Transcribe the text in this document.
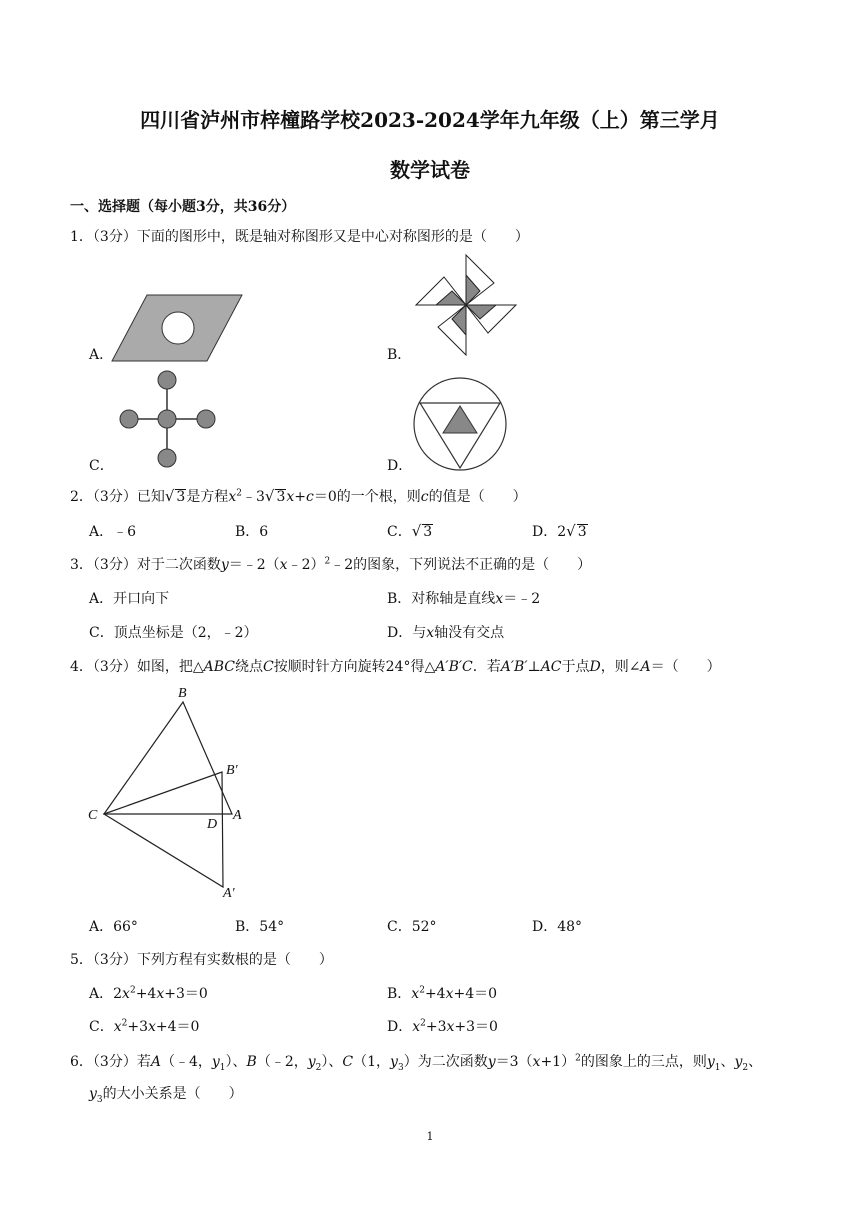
四川省泸州市梓橦路学校2023-2024学年九年级（上）第三学月
数学试卷
一、选择题（每小题3分，共36分）
1．（3分）下面的图形中，既是轴对称图形又是中心对称图形的是（　　）
A．	B．
C．	D．
2．（3分）已知√ 3是方程$x^2﹣3√$ 3x+c＝0的一个根，则c的值是（　　）
A．﹣6	B．6	C．√ 3	D．2√ 3
3．（3分）对于二次函数y＝﹣2（x﹣2）$^2$﹣2的图象，下列说法不正确的是（　　）
A．开口向下	B．对称轴是直线x＝﹣2
C．顶点坐标是（2，﹣2）	D．与x轴没有交点
4．（3分）如图，把△ABC绕点C按顺时针方向旋转24°得△A′B′C．若A′B′⊥AC于点D，则∠A＝（　　）
B
B′
C
D
A
A′
A．66°	B．54°	C．52°	D．48°
5．（3分）下列方程有实数根的是（　　）
A．$2x^2+4x+3=0$	B．$x^2+4x+4=0$
C．$x^2+3x+4=0$	D．$x^2+3x+3=0$
6．（3分）若A（﹣4，$y_1$）、B（﹣2，$y_2$）、C（1，$y_3$）为二次函数$y=3(x+1)^2$的图象上的三点，则$y_1$、$y_2$、
$y_3$的大小关系是（　　）
1
